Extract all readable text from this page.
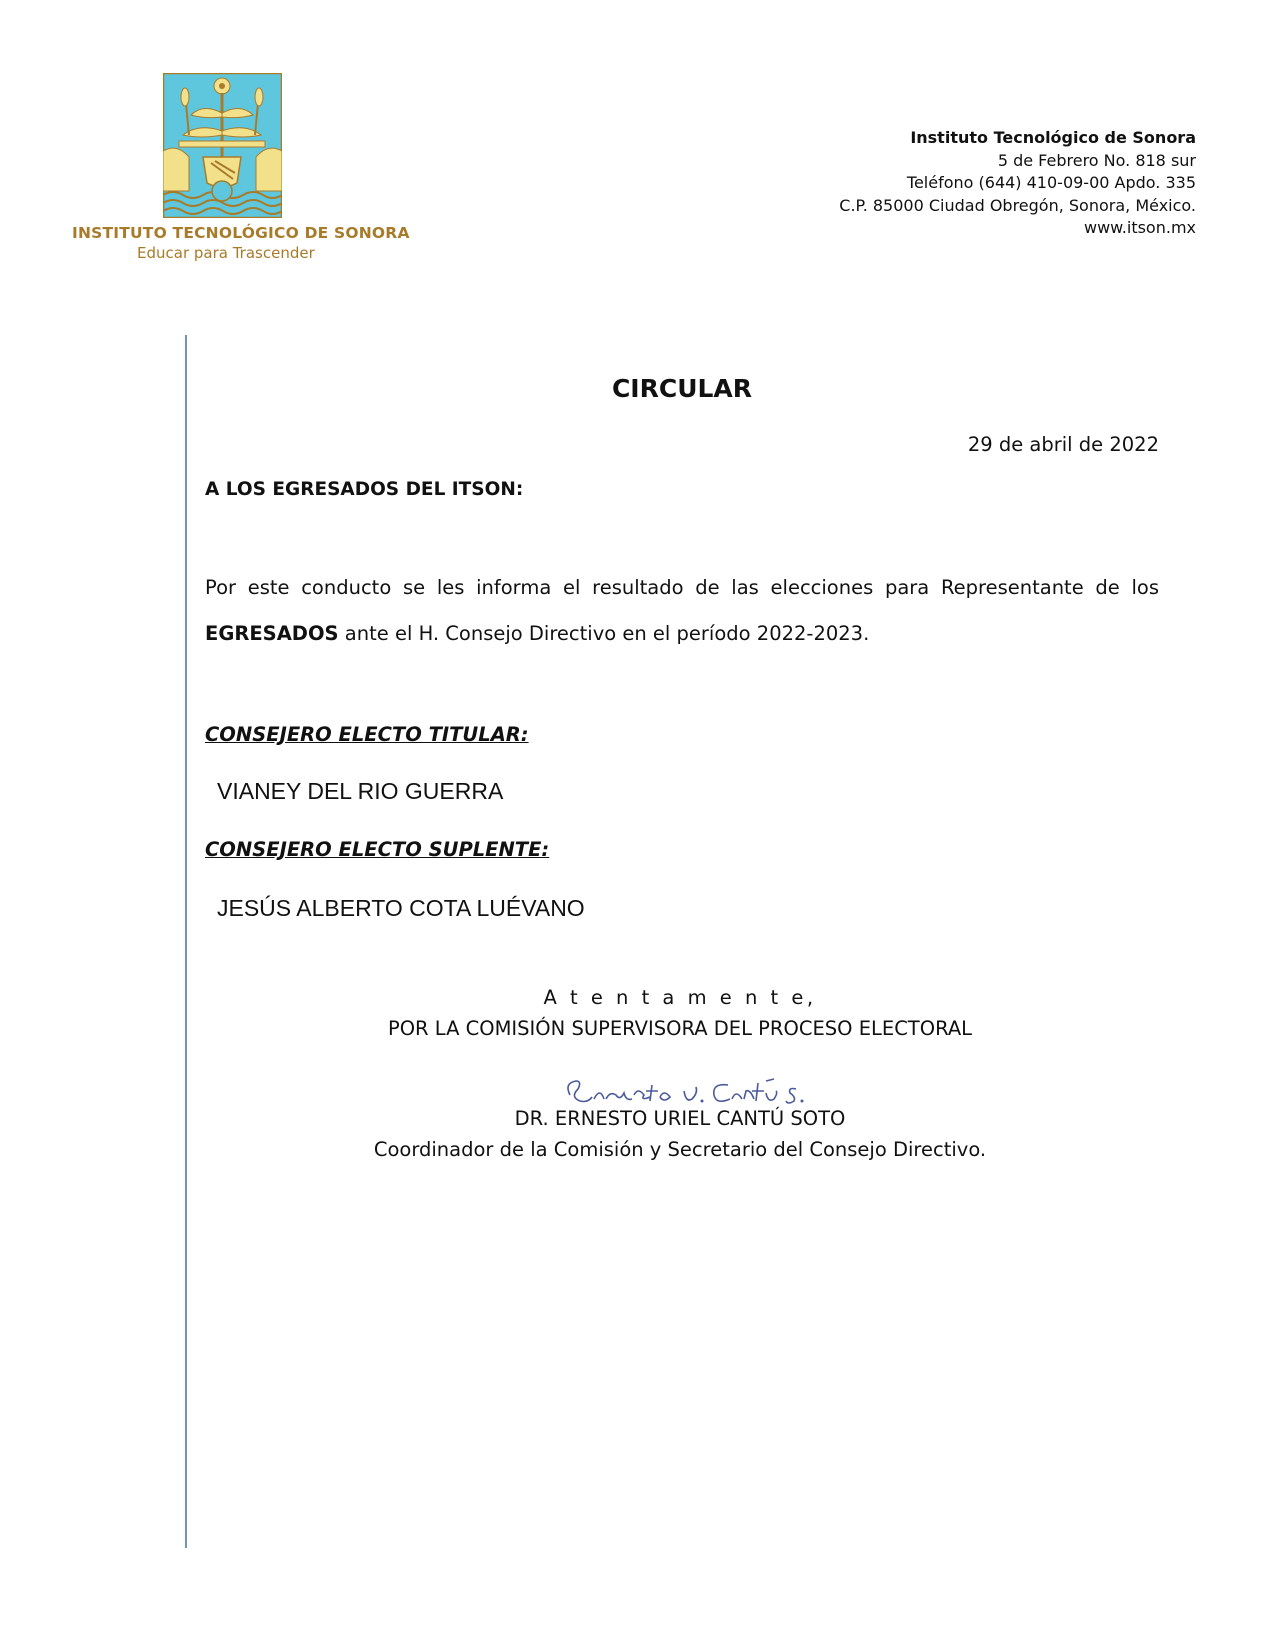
INSTITUTO TECNOLÓGICO DE SONORA
Educar para Trascender
Instituto Tecnológico de Sonora
5 de Febrero No. 818 sur
Teléfono (644) 410-09-00 Apdo. 335
C.P. 85000 Ciudad Obregón, Sonora, México.
www.itson.mx
CIRCULAR
29 de abril de 2022
A LOS EGRESADOS DEL ITSON:
Por este conducto se les informa el resultado de las elecciones para Representante de los EGRESADOS ante el H. Consejo Directivo en el período 2022-2023.
CONSEJERO ELECTO TITULAR:
VIANEY DEL RIO GUERRA
CONSEJERO ELECTO SUPLENTE:
JESÚS ALBERTO COTA LUÉVANO
A t e n t a m e n t e,
POR LA COMISIÓN SUPERVISORA DEL PROCESO ELECTORAL
DR. ERNESTO URIEL CANTÚ SOTO
Coordinador de la Comisión y Secretario del Consejo Directivo.
